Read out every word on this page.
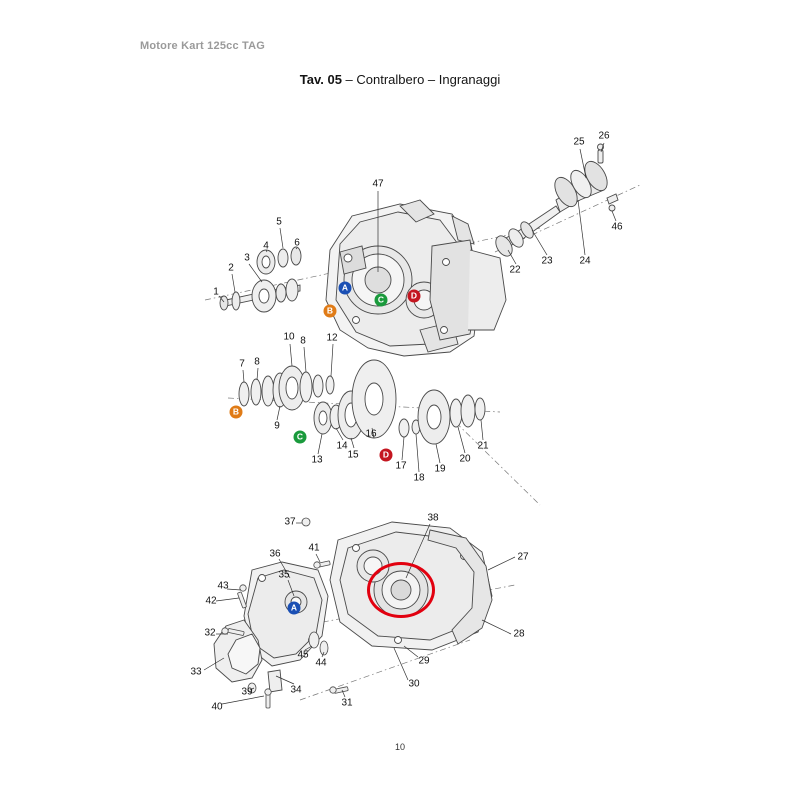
Motore Kart 125cc TAG
Tav. 05 – Contralbero – Ingranaggi
1
2
3
4
5
6
7 8
9
10 8 12
13
14
15
16
17
18
19
20
21
22
23	24
25
26
46
47
27
28
29
30
31
32
33
34
35
36
37	38
39
40
41
42
43
44
45
A
B
C	D
B
C
D
A
10
